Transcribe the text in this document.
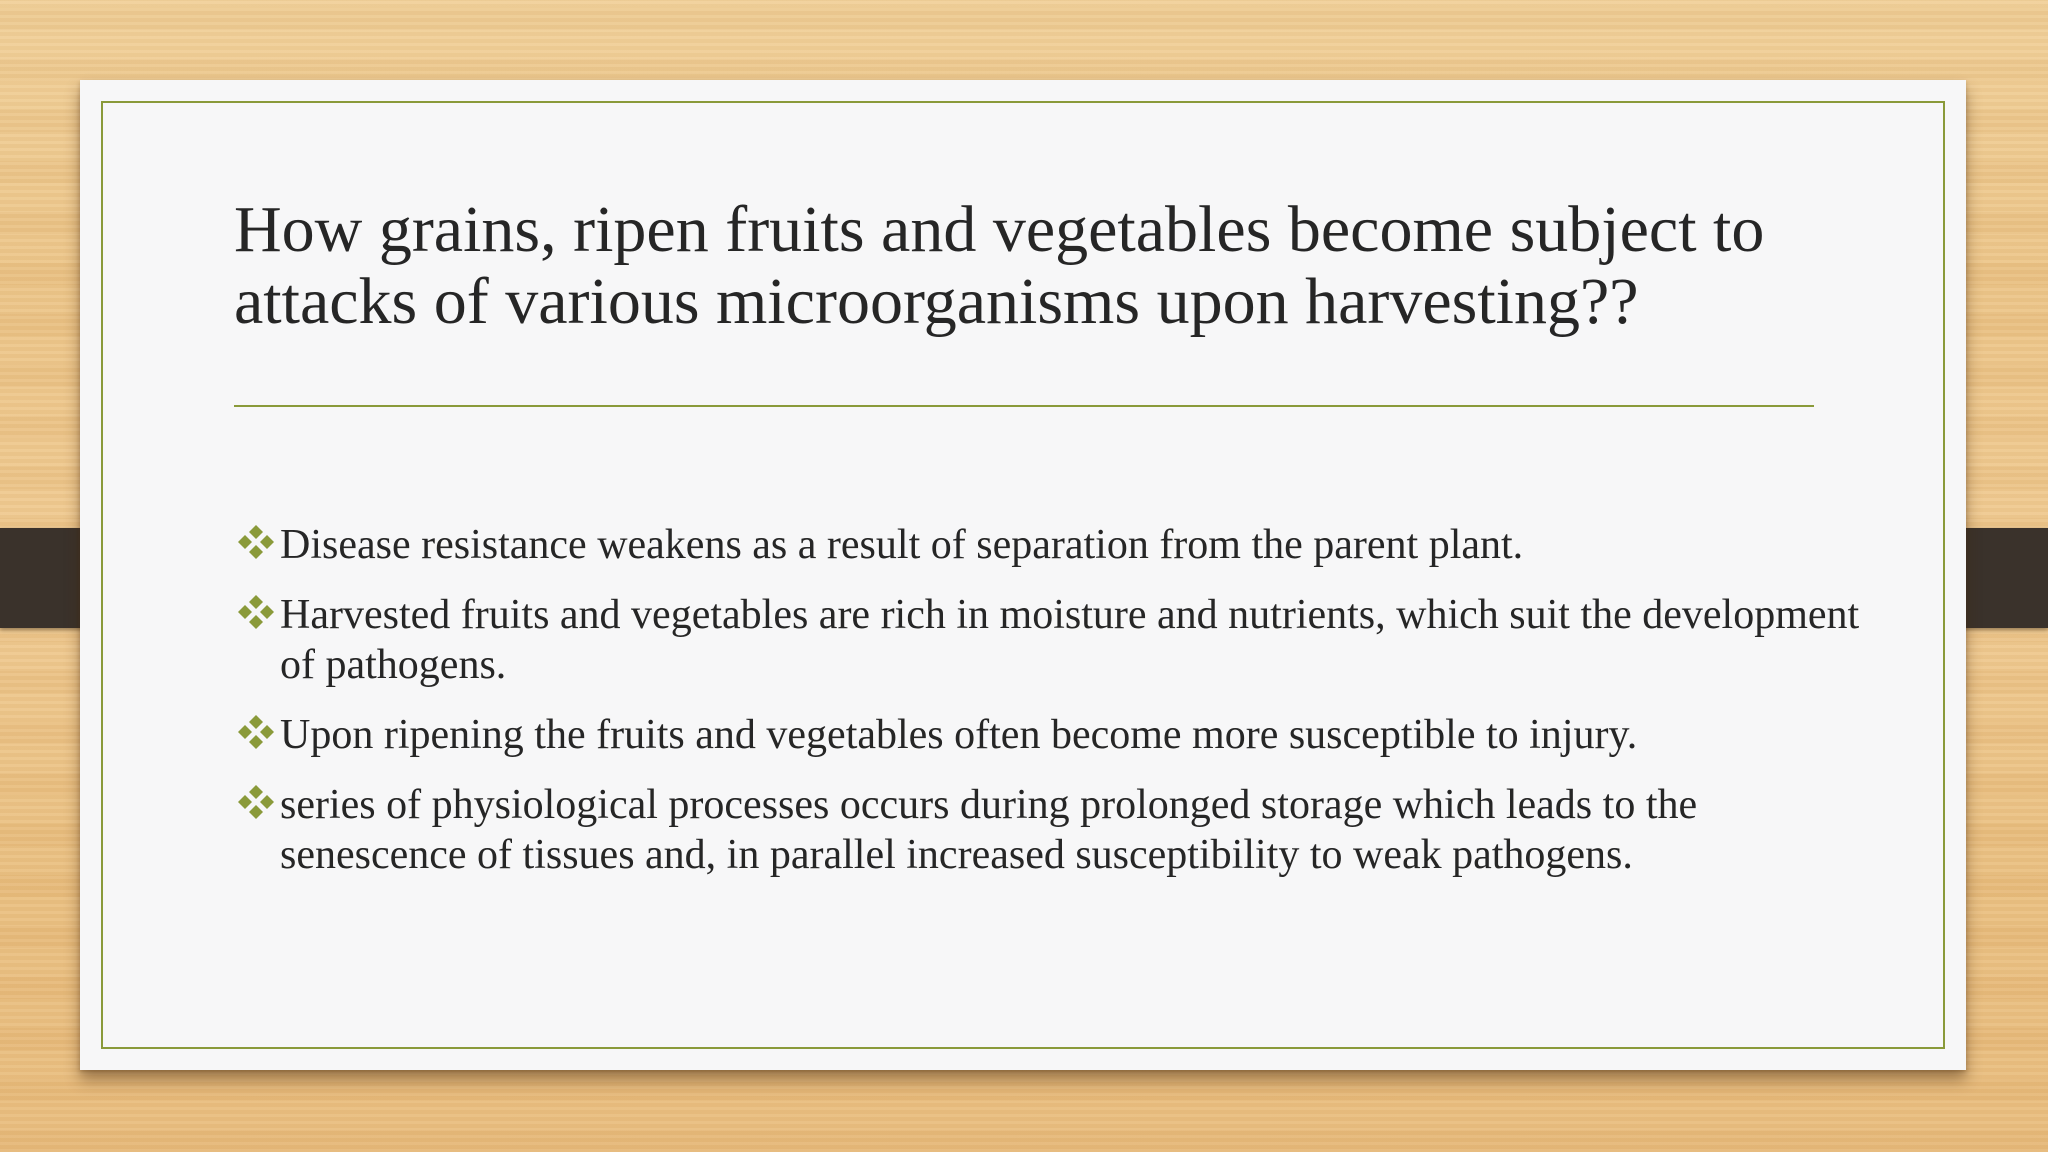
How grains, ripen fruits and vegetables become subject to attacks of various microorganisms upon harvesting??
Disease resistance weakens as a result of separation from the parent plant.
Harvested fruits and vegetables are rich in moisture and nutrients, which suit the development of pathogens.
Upon ripening the fruits and vegetables often become more susceptible to injury.
series of physiological processes occurs during prolonged storage which leads to the senescence of tissues and, in parallel increased susceptibility to weak pathogens.
